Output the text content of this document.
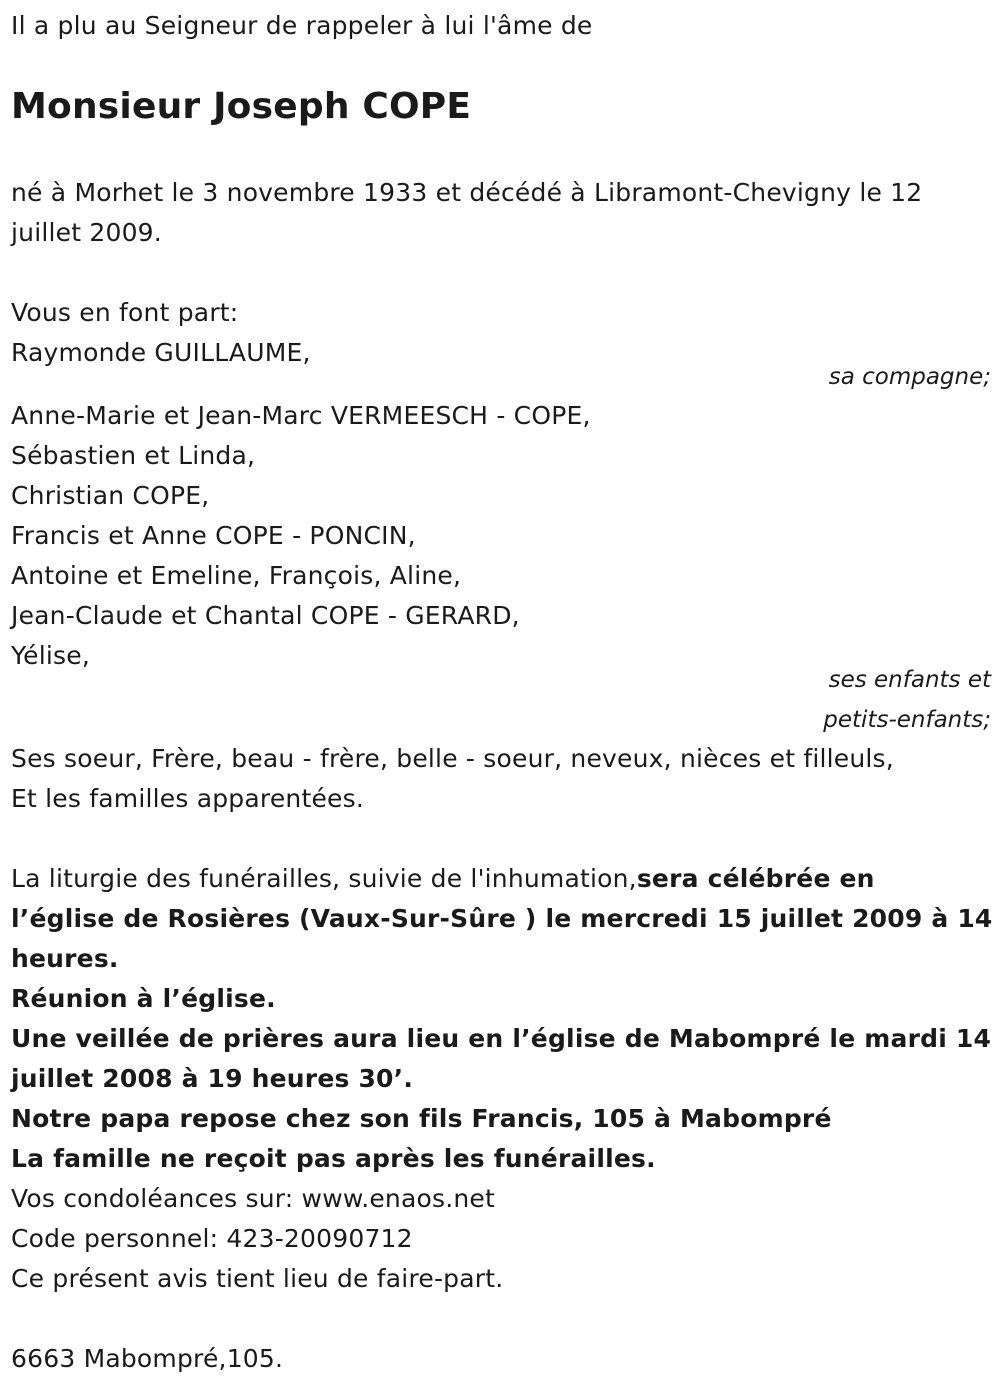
Il a plu au Seigneur de rappeler à lui l'âme de
Monsieur Joseph COPE
né à Morhet le 3 novembre 1933 et décédé à Libramont-Chevigny le 12
juillet 2009.
Vous en font part:
Raymonde GUILLAUME,
sa compagne;
Anne-Marie et Jean-Marc VERMEESCH - COPE,
Sébastien et Linda,
Christian COPE,
Francis et Anne COPE - PONCIN,
Antoine et Emeline, François, Aline,
Jean-Claude et Chantal COPE - GERARD,
Yélise,
ses enfants et
petits-enfants;
Ses soeur, Frère, beau - frère, belle - soeur, neveux, nièces et filleuls,
Et les familles apparentées.
La liturgie des funérailles, suivie de l'inhumation,sera célébrée en
l’église de Rosières (Vaux-Sur-Sûre ) le mercredi 15 juillet 2009 à 14
heures.
Réunion à l’église.
Une veillée de prières aura lieu en l’église de Mabompré le mardi 14
juillet 2008 à 19 heures 30’.
Notre papa repose chez son fils Francis, 105 à Mabompré
La famille ne reçoit pas après les funérailles.
Vos condoléances sur: www.enaos.net
Code personnel: 423-20090712
Ce présent avis tient lieu de faire-part.
6663 Mabompré,105.
